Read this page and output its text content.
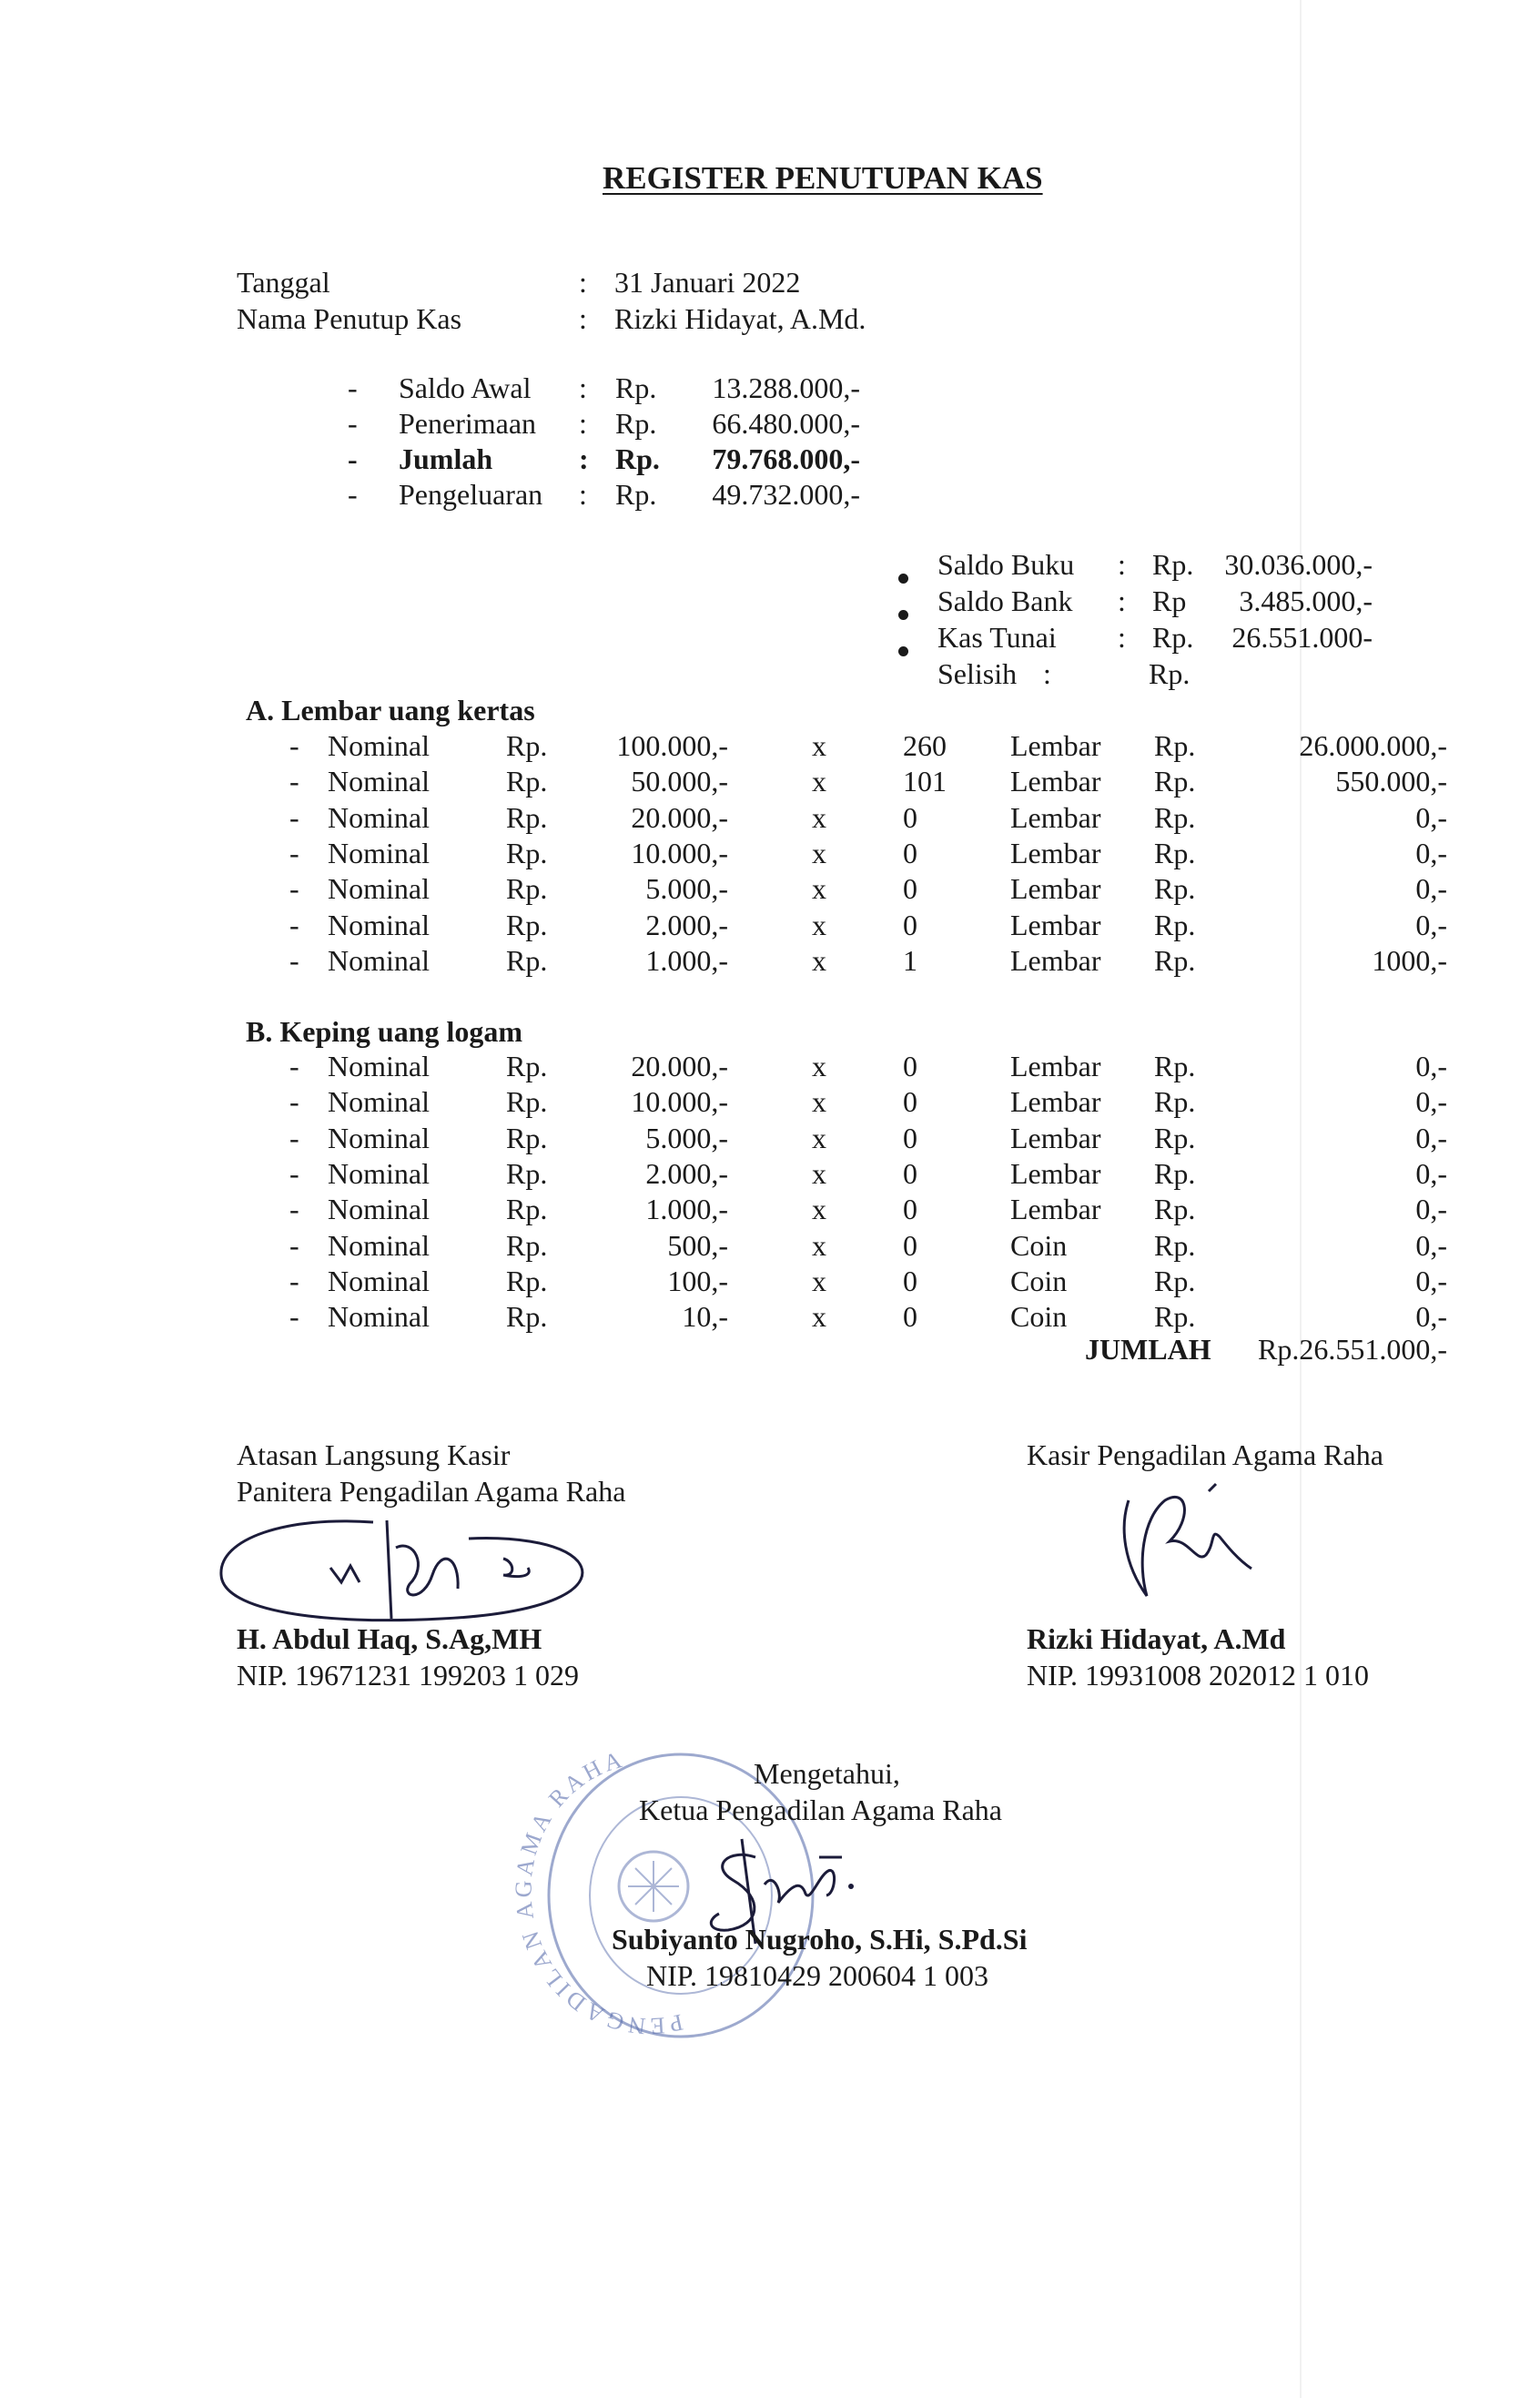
REGISTER PENUTUPAN KAS
Tanggal	: 31 Januari 2022
Nama Penutup Kas	: Rizki Hidayat, A.Md.
- Saldo Awal : Rp.	13.288.000,-
- Penerimaan : Rp.	66.480.000,-
- Jumlah	: Rp.	79.768.000,-
- Pengeluaran : Rp.	49.732.000,-
Saldo Buku : Rp.	30.036.000,-
Saldo Bank : Rp	3.485.000,-
Kas Tunai : Rp.	26.551.000-
Selisih :	Rp.
A. Lembar uang kertas
- Nominal	Rp.	100.000,-	x	260 Lembar Rp.	26.000.000,-
- Nominal	Rp.	50.000,-	x	101 Lembar Rp.	550.000,-
- Nominal	Rp.	20.000,-	x	0	Lembar Rp.	0,-
- Nominal	Rp.	10.000,-	x	0	Lembar Rp.	0,-
- Nominal	Rp.	5.000,-	x	0	Lembar Rp.	0,-
- Nominal	Rp.	2.000,-	x	0	Lembar Rp.	0,-
- Nominal	Rp.	1.000,-	x	1	Lembar Rp.	1000,-
B. Keping uang logam
- Nominal	Rp.	20.000,-	x	0	Lembar Rp.	0,-
- Nominal	Rp.	10.000,-	x	0	Lembar Rp.	0,-
- Nominal	Rp.	5.000,-	x	0	Lembar Rp.	0,-
- Nominal	Rp.	2.000,-	x	0	Lembar Rp.	0,-
- Nominal	Rp.	1.000,-	x	0	Lembar Rp.	0,-
- Nominal	Rp.	500,-	x	0	Coin	Rp.	0,-
- Nominal	Rp.	100,-	x	0	Coin	Rp.	0,-
- Nominal	Rp.	10,-	x	0	Coin	Rp.	0,-
JUMLAH	Rp.26.551.000,-
Atasan Langsung Kasir
Panitera Pengadilan Agama Raha
H. Abdul Haq, S.Ag,MH
NIP. 19671231 199203 1 029
Kasir Pengadilan Agama Raha
Rizki Hidayat, A.Md
NIP. 19931008 202012 1 010
PENGADILAN AGAMA RAHA	Mengetahui,
Ketua Pengadilan Agama Raha
Subiyanto Nugroho, S.Hi, S.Pd.Si
NIP. 19810429 200604 1 003
